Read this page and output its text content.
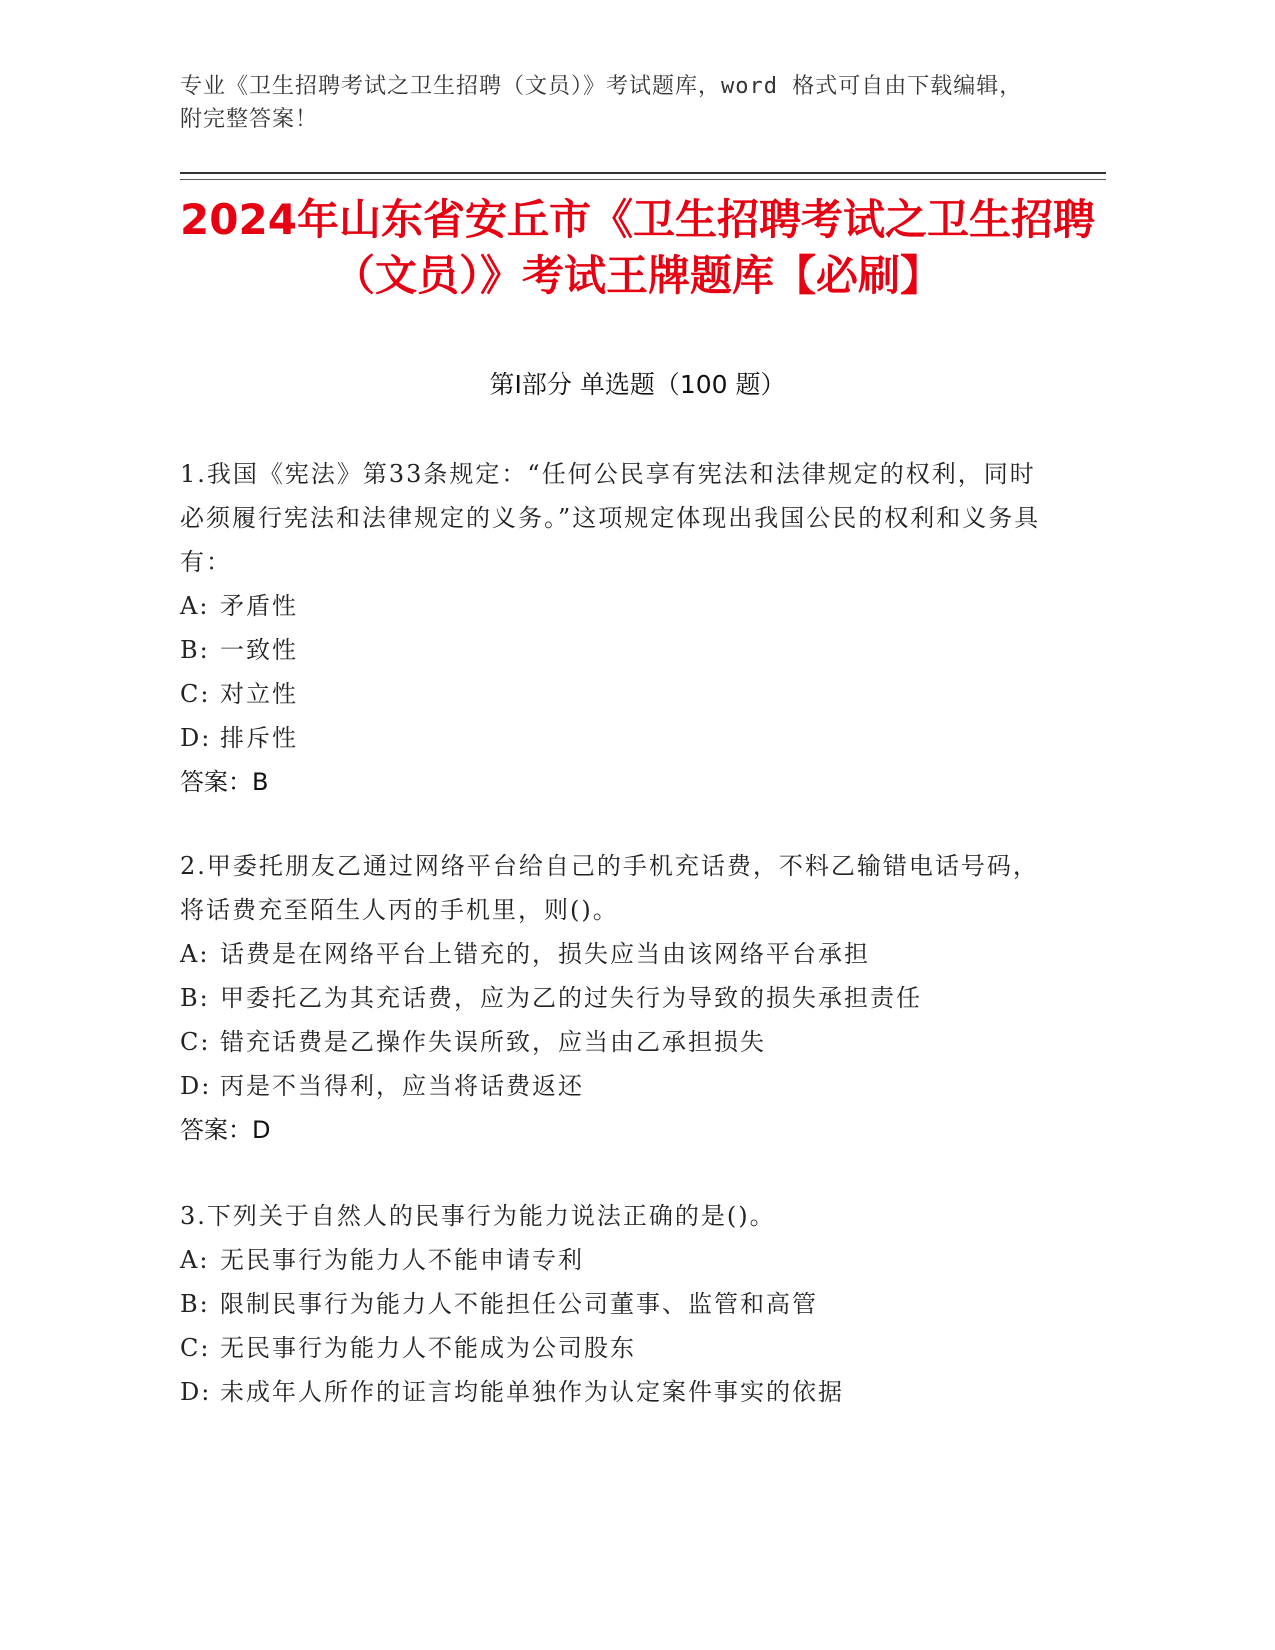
专业《卫生招聘考试之卫生招聘（文员）》考试题库，word 格式可自由下载编辑，附完整答案！
2024年山东省安丘市《卫生招聘考试之卫生招聘（文员）》考试王牌题库【必刷】
第Ⅰ部分 单选题（100 题）
1.我国《宪法》第33条规定：“任何公民享有宪法和法律规定的权利，同时必须履行宪法和法律规定的义务。”这项规定体现出我国公民的权利和义务具有：
A: 矛盾性
B: 一致性
C: 对立性
D: 排斥性
答案：B
2.甲委托朋友乙通过网络平台给自己的手机充话费，不料乙输错电话号码，将话费充至陌生人丙的手机里，则()。
A: 话费是在网络平台上错充的，损失应当由该网络平台承担
B: 甲委托乙为其充话费，应为乙的过失行为导致的损失承担责任
C: 错充话费是乙操作失误所致，应当由乙承担损失
D: 丙是不当得利，应当将话费返还
答案：D
3.下列关于自然人的民事行为能力说法正确的是()。
A: 无民事行为能力人不能申请专利
B: 限制民事行为能力人不能担任公司董事、监管和高管
C: 无民事行为能力人不能成为公司股东
D: 未成年人所作的证言均能单独作为认定案件事实的依据
